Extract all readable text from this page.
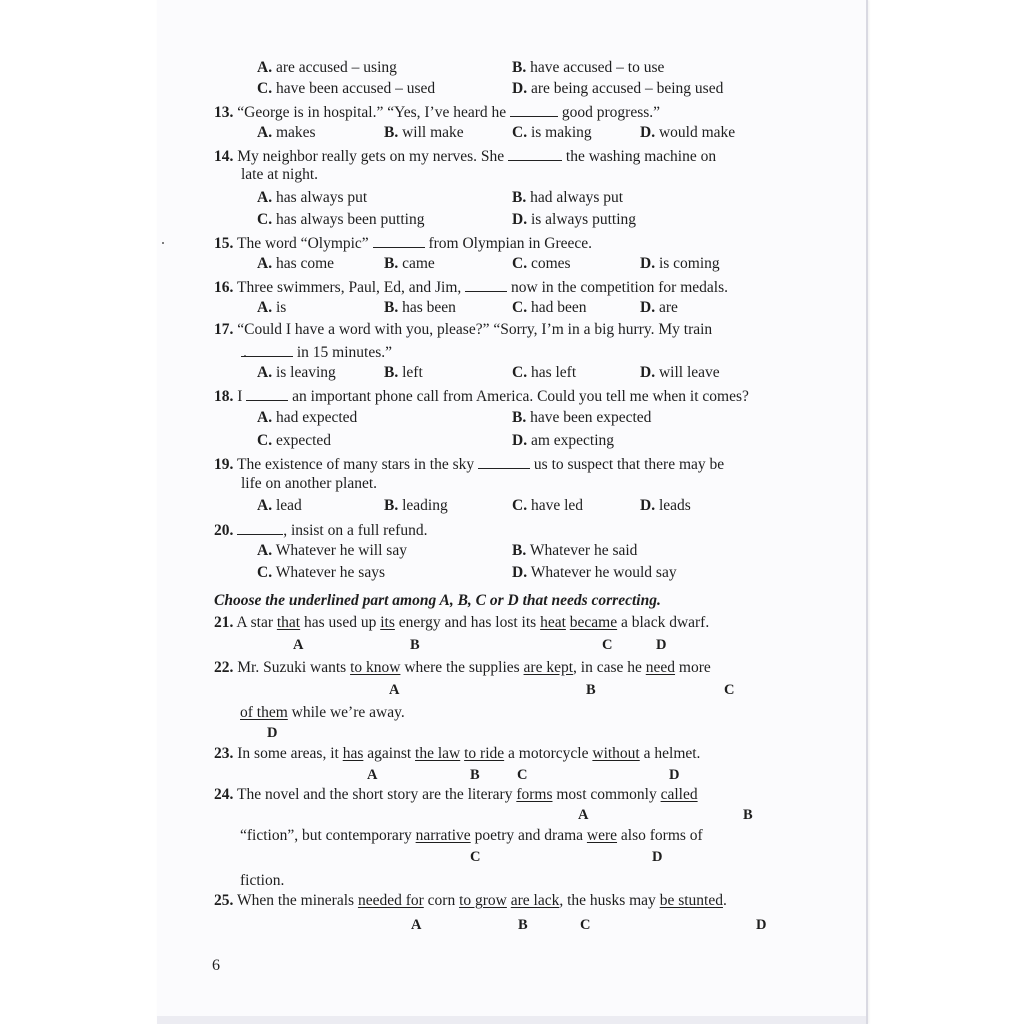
A. are accused – using	B. have accused – to use
C. have been accused – used	D. are being accused – being used
13. “George is in hospital.” “Yes, I’ve heard he	good progress.”
A. makes	B. will make	C. is making	D. would make
14. My neighbor really gets on my nerves. She	the washing machine on
late at night.
A. has always put	B. had always put
C. has always been putting	D. is always putting
15. The word “Olympic”	from Olympian in Greece.
A. has come	B. came	C. comes	D. is coming
16. Three swimmers, Paul, Ed, and Jim,	now in the competition for medals.
A. is	B. has been	C. had been	D. are
17. “Could I have a word with you, please?” “Sorry, I’m in a big hurry. My train
in 15 minutes.”
A. is leaving	B. left	C. has left	D. will leave
18. I	an important phone call from America. Could you tell me when it comes?
A. had expected	B. have been expected
C. expected	D. am expecting
19. The existence of many stars in the sky	us to suspect that there may be
life on another planet.
A. lead	B. leading	C. have led	D. leads
20.	, insist on a full refund.
A. Whatever he will say	B. Whatever he said
C. Whatever he says	D. Whatever he would say
Choose the underlined part among A, B, C or D that needs correcting.
21. A star that has used up its energy and has lost its heat became a black dwarf.
A	B	C	D
22. Mr. Suzuki wants to know where the supplies are kept, in case he need more
A	B	C
of them while we’re away.
D
23. In some areas, it has against the law to ride a motorcycle without a helmet.
A	B	C	D
24. The novel and the short story are the literary forms most commonly called
A	B
“fiction”, but contemporary narrative poetry and drama were also forms of
C	D
fiction.
25. When the minerals needed for corn to grow are lack, the husks may be stunted.
A	B	C	D
6
